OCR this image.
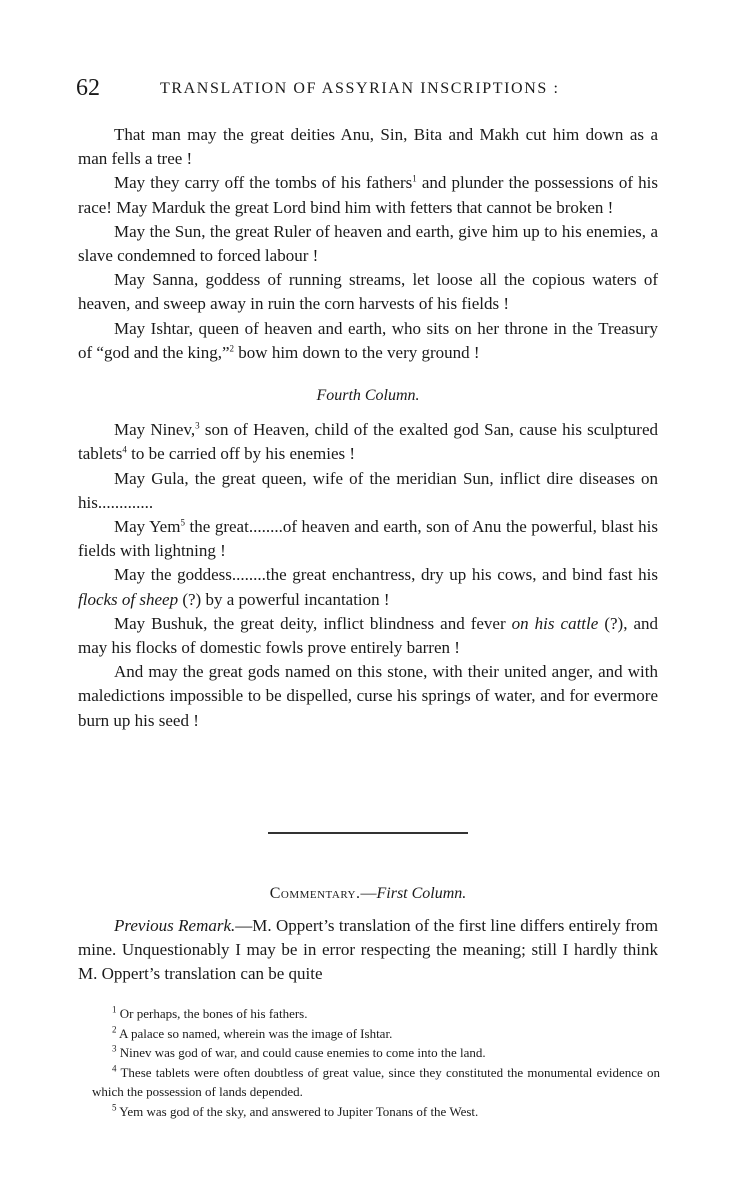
62	TRANSLATION OF ASSYRIAN INSCRIPTIONS :

That man may the great deities Anu, Sin, Bita and Makh cut him down as a man fells a tree !

May they carry off the tombs of his fathers$^1$ and plunder the possessions of his race! May Marduk the great Lord bind him with fetters that cannot be broken !

May the Sun, the great Ruler of heaven and earth, give him up to his enemies, a slave condemned to forced labour !

May Sanna, goddess of running streams, let loose all the copious waters of heaven, and sweep away in ruin the corn harvests of his fields !

May Ishtar, queen of heaven and earth, who sits on her throne in the Treasury of “god and the king,”$^2$ bow him down to the very ground !

Fourth Column.

May Ninev,$^3$ son of Heaven, child of the exalted god San, cause his sculptured tablets$^4$ to be carried off by his enemies !

May Gula, the great queen, wife of the meridian Sun, inflict dire diseases on his.............

May Yem$^5$ the great........of heaven and earth, son of Anu the powerful, blast his fields with lightning !

May the goddess........the great enchantress, dry up his cows, and bind fast his flocks of sheep (?) by a powerful incantation !

May Bushuk, the great deity, inflict blindness and fever on his cattle (?), and may his flocks of domestic fowls prove entirely barren !

And may the great gods named on this stone, with their united anger, and with maledictions impossible to be dispelled, curse his springs of water, and for evermore burn up his seed !

Commentary.—First Column.

Previous Remark.—M. Oppert’s translation of the first line differs entirely from mine. Unquestionably I may be in error respecting the meaning; still I hardly think M. Oppert’s translation can be quite

$^1$ Or perhaps, the bones of his fathers.

$^2$ A palace so named, wherein was the image of Ishtar.

$^3$ Ninev was god of war, and could cause enemies to come into the land.

$^4$ These tablets were often doubtless of great value, since they constituted the monumental evidence on which the possession of lands depended.

$^5$ Yem was god of the sky, and answered to Jupiter Tonans of the West.
